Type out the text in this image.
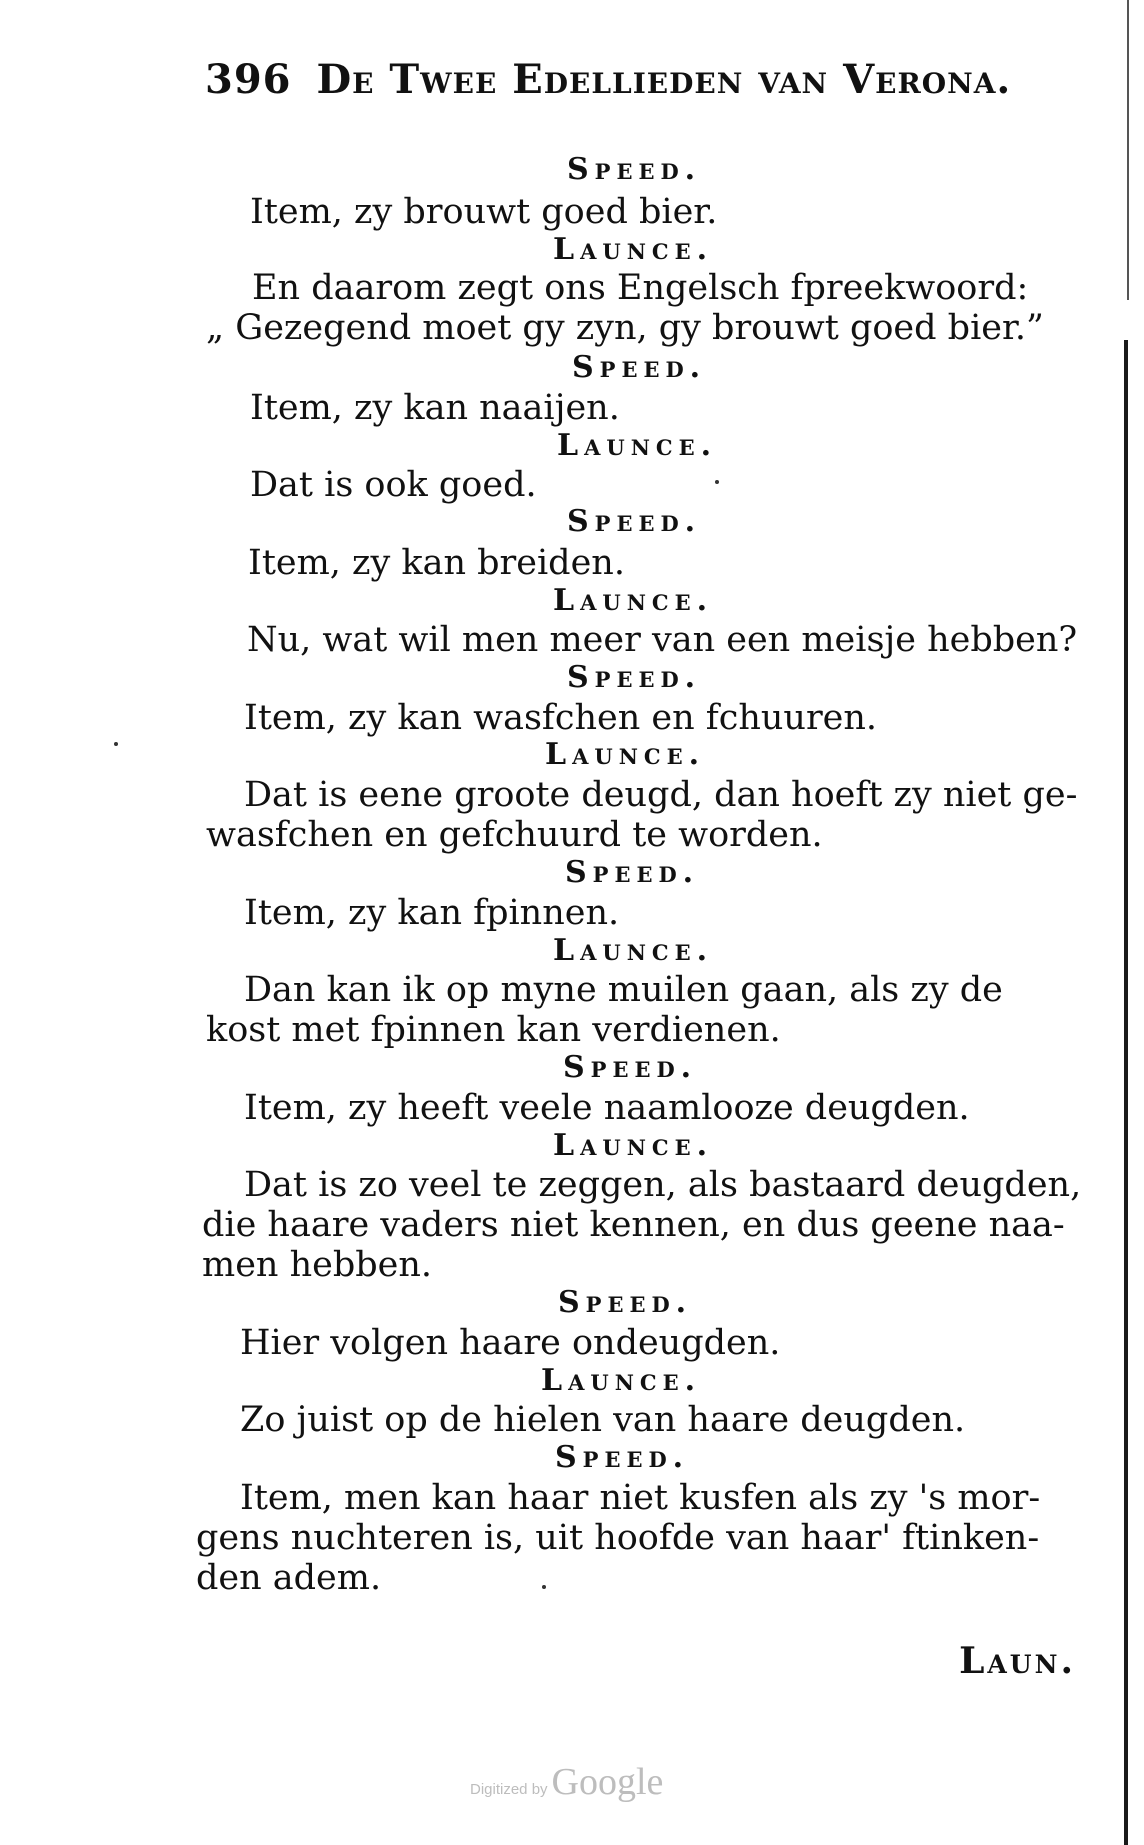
396 De Twee Edellieden van Verona.
Speed.
Item, zy brouwt goed bier.
Launce.
En daarom zegt ons Engelsch fpreekwoord:
„ Gezegend moet gy zyn, gy brouwt goed bier.”
Speed.
Item, zy kan naaijen.
Launce.
Dat is ook goed.
Speed.
Item, zy kan breiden.
Launce.
Nu, wat wil men meer van een meisje hebben?
Speed.
Item, zy kan wasfchen en fchuuren.
Launce.
Dat is eene groote deugd, dan hoeft zy niet ge-
wasfchen en gefchuurd te worden.
Speed.
Item, zy kan fpinnen.
Launce.
Dan kan ik op myne muilen gaan, als zy de
kost met fpinnen kan verdienen.
Speed.
Item, zy heeft veele naamlooze deugden.
Launce.
Dat is zo veel te zeggen, als bastaard deugden,
die haare vaders niet kennen, en dus geene naa-
men hebben.
Speed.
Hier volgen haare ondeugden.
Launce.
Zo juist op de hielen van haare deugden.
Speed.
Item, men kan haar niet kusfen als zy 's mor-
gens nuchteren is, uit hoofde van haar' ftinken-
den adem.
Laun.
Digitized by Google
